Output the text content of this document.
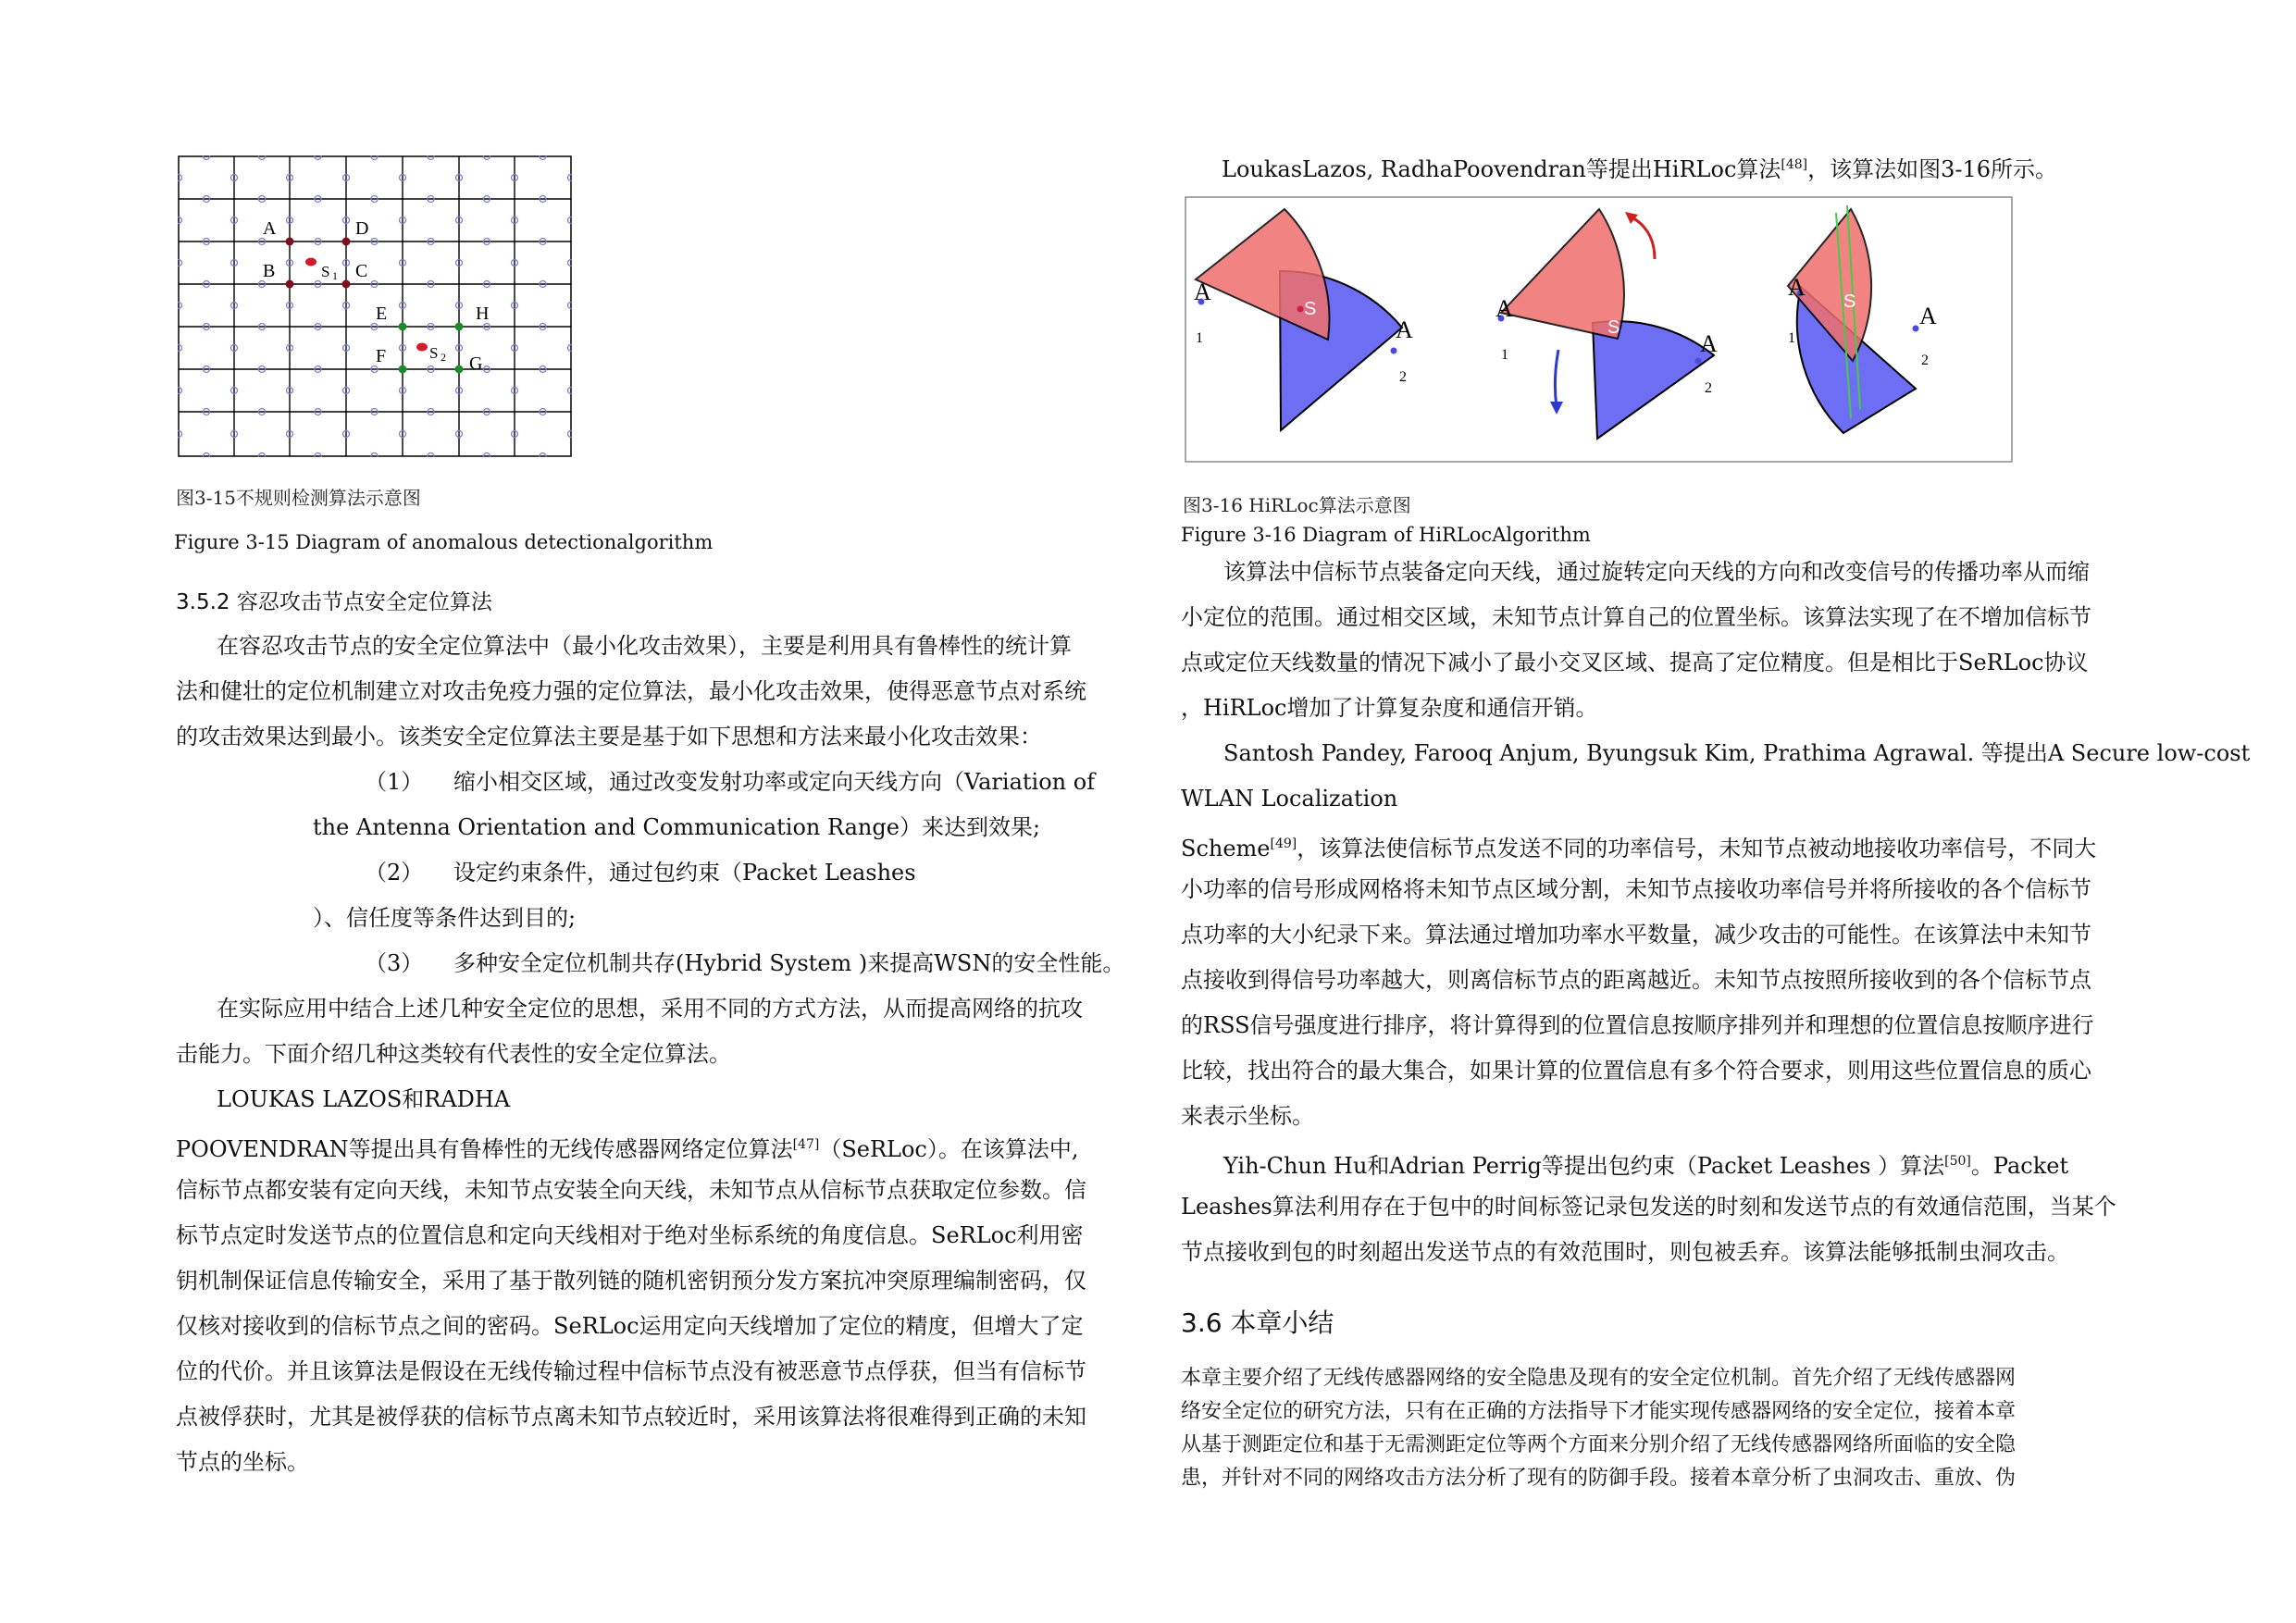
A	D
B	C
S 1
E	H
F	G
S 2
图3-15不规则检测算法示意图
Figure 3-15 Diagram of anomalous detectionalgorithm
3.5.2 容忍攻击节点安全定位算法
在容忍攻击节点的安全定位算法中（最小化攻击效果），主要是利用具有鲁棒性的统计算
法和健壮的定位机制建立对攻击免疫力强的定位算法，最小化攻击效果，使得恶意节点对系统
的攻击效果达到最小。该类安全定位算法主要是基于如下思想和方法来最小化攻击效果：
（1） 缩小相交区域，通过改变发射功率或定向天线方向（Variation of
the Antenna Orientation and Communication Range）来达到效果;
（2） 设定约束条件，通过包约束（Packet Leashes
）、信任度等条件达到目的;
（3） 多种安全定位机制共存(Hybrid System )来提高WSN的安全性能。
在实际应用中结合上述几种安全定位的思想，采用不同的方式方法，从而提高网络的抗攻
击能力。下面介绍几种这类较有代表性的安全定位算法。
LOUKAS LAZOS和RADHA
POOVENDRAN等提出具有鲁棒性的无线传感器网络定位算法[47]（SeRLoc）。在该算法中,
信标节点都安装有定向天线，未知节点安装全向天线，未知节点从信标节点获取定位参数。信
标节点定时发送节点的位置信息和定向天线相对于绝对坐标系统的角度信息。SeRLoc利用密
钥机制保证信息传输安全，采用了基于散列链的随机密钥预分发方案抗冲突原理编制密码，仅
仅核对接收到的信标节点之间的密码。SeRLoc运用定向天线增加了定位的精度，但增大了定
位的代价。并且该算法是假设在无线传输过程中信标节点没有被恶意节点俘获，但当有信标节
点被俘获时，尤其是被俘获的信标节点离未知节点较近时，采用该算法将很难得到正确的未知
节点的坐标。
LoukasLazos, RadhaPoovendran等提出HiRLoc算法[48]，该算法如图3-16所示。
A
1	A
2
S	A
1	A
2
S
A
1
A
2
S
图3-16 HiRLoc算法示意图
Figure 3-16 Diagram of HiRLocAlgorithm
该算法中信标节点装备定向天线，通过旋转定向天线的方向和改变信号的传播功率从而缩
小定位的范围。通过相交区域，未知节点计算自己的位置坐标。该算法实现了在不增加信标节
点或定位天线数量的情况下减小了最小交叉区域、提高了定位精度。但是相比于SeRLoc协议
，HiRLoc增加了计算复杂度和通信开销。
Santosh Pandey, Farooq Anjum, Byungsuk Kim, Prathima Agrawal. 等提出A Secure low-cost
WLAN Localization
Scheme[49]，该算法使信标节点发送不同的功率信号，未知节点被动地接收功率信号，不同大
小功率的信号形成网格将未知节点区域分割，未知节点接收功率信号并将所接收的各个信标节
点功率的大小纪录下来。算法通过增加功率水平数量，减少攻击的可能性。在该算法中未知节
点接收到得信号功率越大，则离信标节点的距离越近。未知节点按照所接收到的各个信标节点
的RSS信号强度进行排序，将计算得到的位置信息按顺序排列并和理想的位置信息按顺序进行
比较，找出符合的最大集合，如果计算的位置信息有多个符合要求，则用这些位置信息的质心
来表示坐标。
Yih-Chun Hu和Adrian Perrig等提出包约束（Packet Leashes ）算法[50]。Packet
Leashes算法利用存在于包中的时间标签记录包发送的时刻和发送节点的有效通信范围，当某个
节点接收到包的时刻超出发送节点的有效范围时，则包被丢弃。该算法能够抵制虫洞攻击。
3.6 本章小结
本章主要介绍了无线传感器网络的安全隐患及现有的安全定位机制。首先介绍了无线传感器网
络安全定位的研究方法，只有在正确的方法指导下才能实现传感器网络的安全定位，接着本章
从基于测距定位和基于无需测距定位等两个方面来分别介绍了无线传感器网络所面临的安全隐
患，并针对不同的网络攻击方法分析了现有的防御手段。接着本章分析了虫洞攻击、重放、伪
